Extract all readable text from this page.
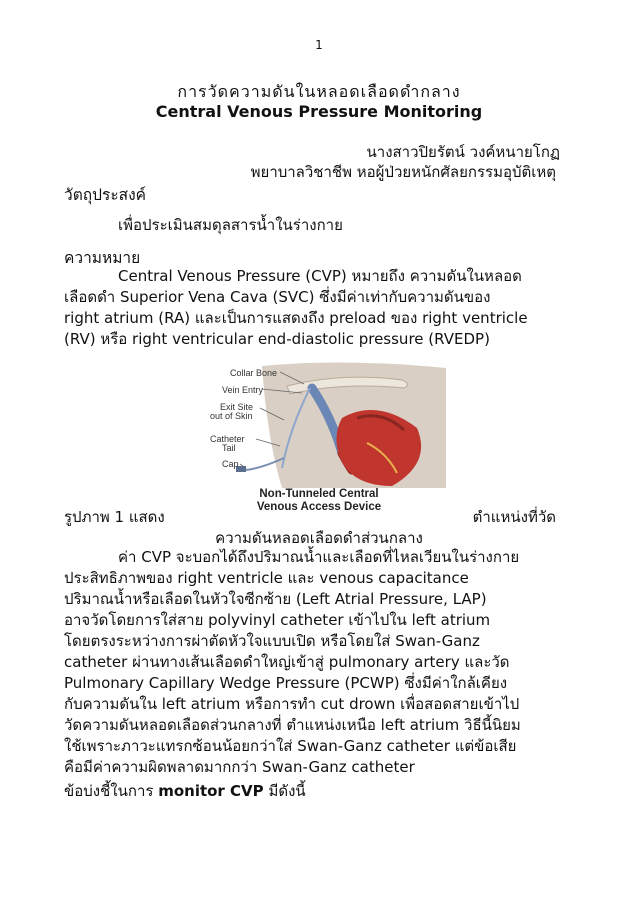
1
การวัดความดันในหลอดเลือดดำกลาง
Central Venous Pressure Monitoring
นางสาวปิยรัตน์ วงค์หนายโกฏ
พยาบาลวิชาชีพ หอผู้ป่วยหนักศัลยกรรมอุบัติเหตุ
วัตถุประสงค์
เพื่อประเมินสมดุลสารน้ำในร่างกาย
ความหมาย
Central Venous Pressure (CVP) หมายถึง ความดันในหลอด
เลือดดำ Superior Vena Cava (SVC) ซึ่งมีค่าเท่ากับความดันของ
right atrium (RA) และเป็นการแสดงถึง preload ของ right ventricle
(RV) หรือ right ventricular end-diastolic pressure (RVEDP)
Collar Bone
Vein Entry
Exit Site
out of Skin
Catheter
Tail
Cap
Non-Tunneled Central
Venous Access Device
รูปภาพ 1 แสดง	ตำแหน่งที่วัด
ความดันหลอดเลือดดำส่วนกลาง
ค่า CVP จะบอกได้ถึงปริมาณน้ำและเลือดที่ไหลเวียนในร่างกาย
ประสิทธิภาพของ right ventricle และ venous capacitance
ปริมาณน้ำหรือเลือดในหัวใจซีกซ้าย (Left Atrial Pressure, LAP)
อาจวัดโดยการใส่สาย polyvinyl catheter เข้าไปใน left atrium
โดยตรงระหว่างการผ่าตัดหัวใจแบบเปิด หรือโดยใส่ Swan-Ganz
catheter ผ่านทางเส้นเลือดดำใหญ่เข้าสู่ pulmonary artery และวัด
Pulmonary Capillary Wedge Pressure (PCWP) ซึ่งมีค่าใกล้เคียง
กับความดันใน left atrium หรือการทำ cut drown เพื่อสอดสายเข้าไป
วัดความดันหลอดเลือดส่วนกลางที่ ตำแหน่งเหนือ left atrium วิธีนี้นิยม
ใช้เพราะภาวะแทรกซ้อนน้อยกว่าใส่ Swan-Ganz catheter แต่ข้อเสีย
คือมีค่าความผิดพลาดมากกว่า Swan-Ganz catheter
ข้อบ่งชี้ในการ monitor CVP มีดังนี้
